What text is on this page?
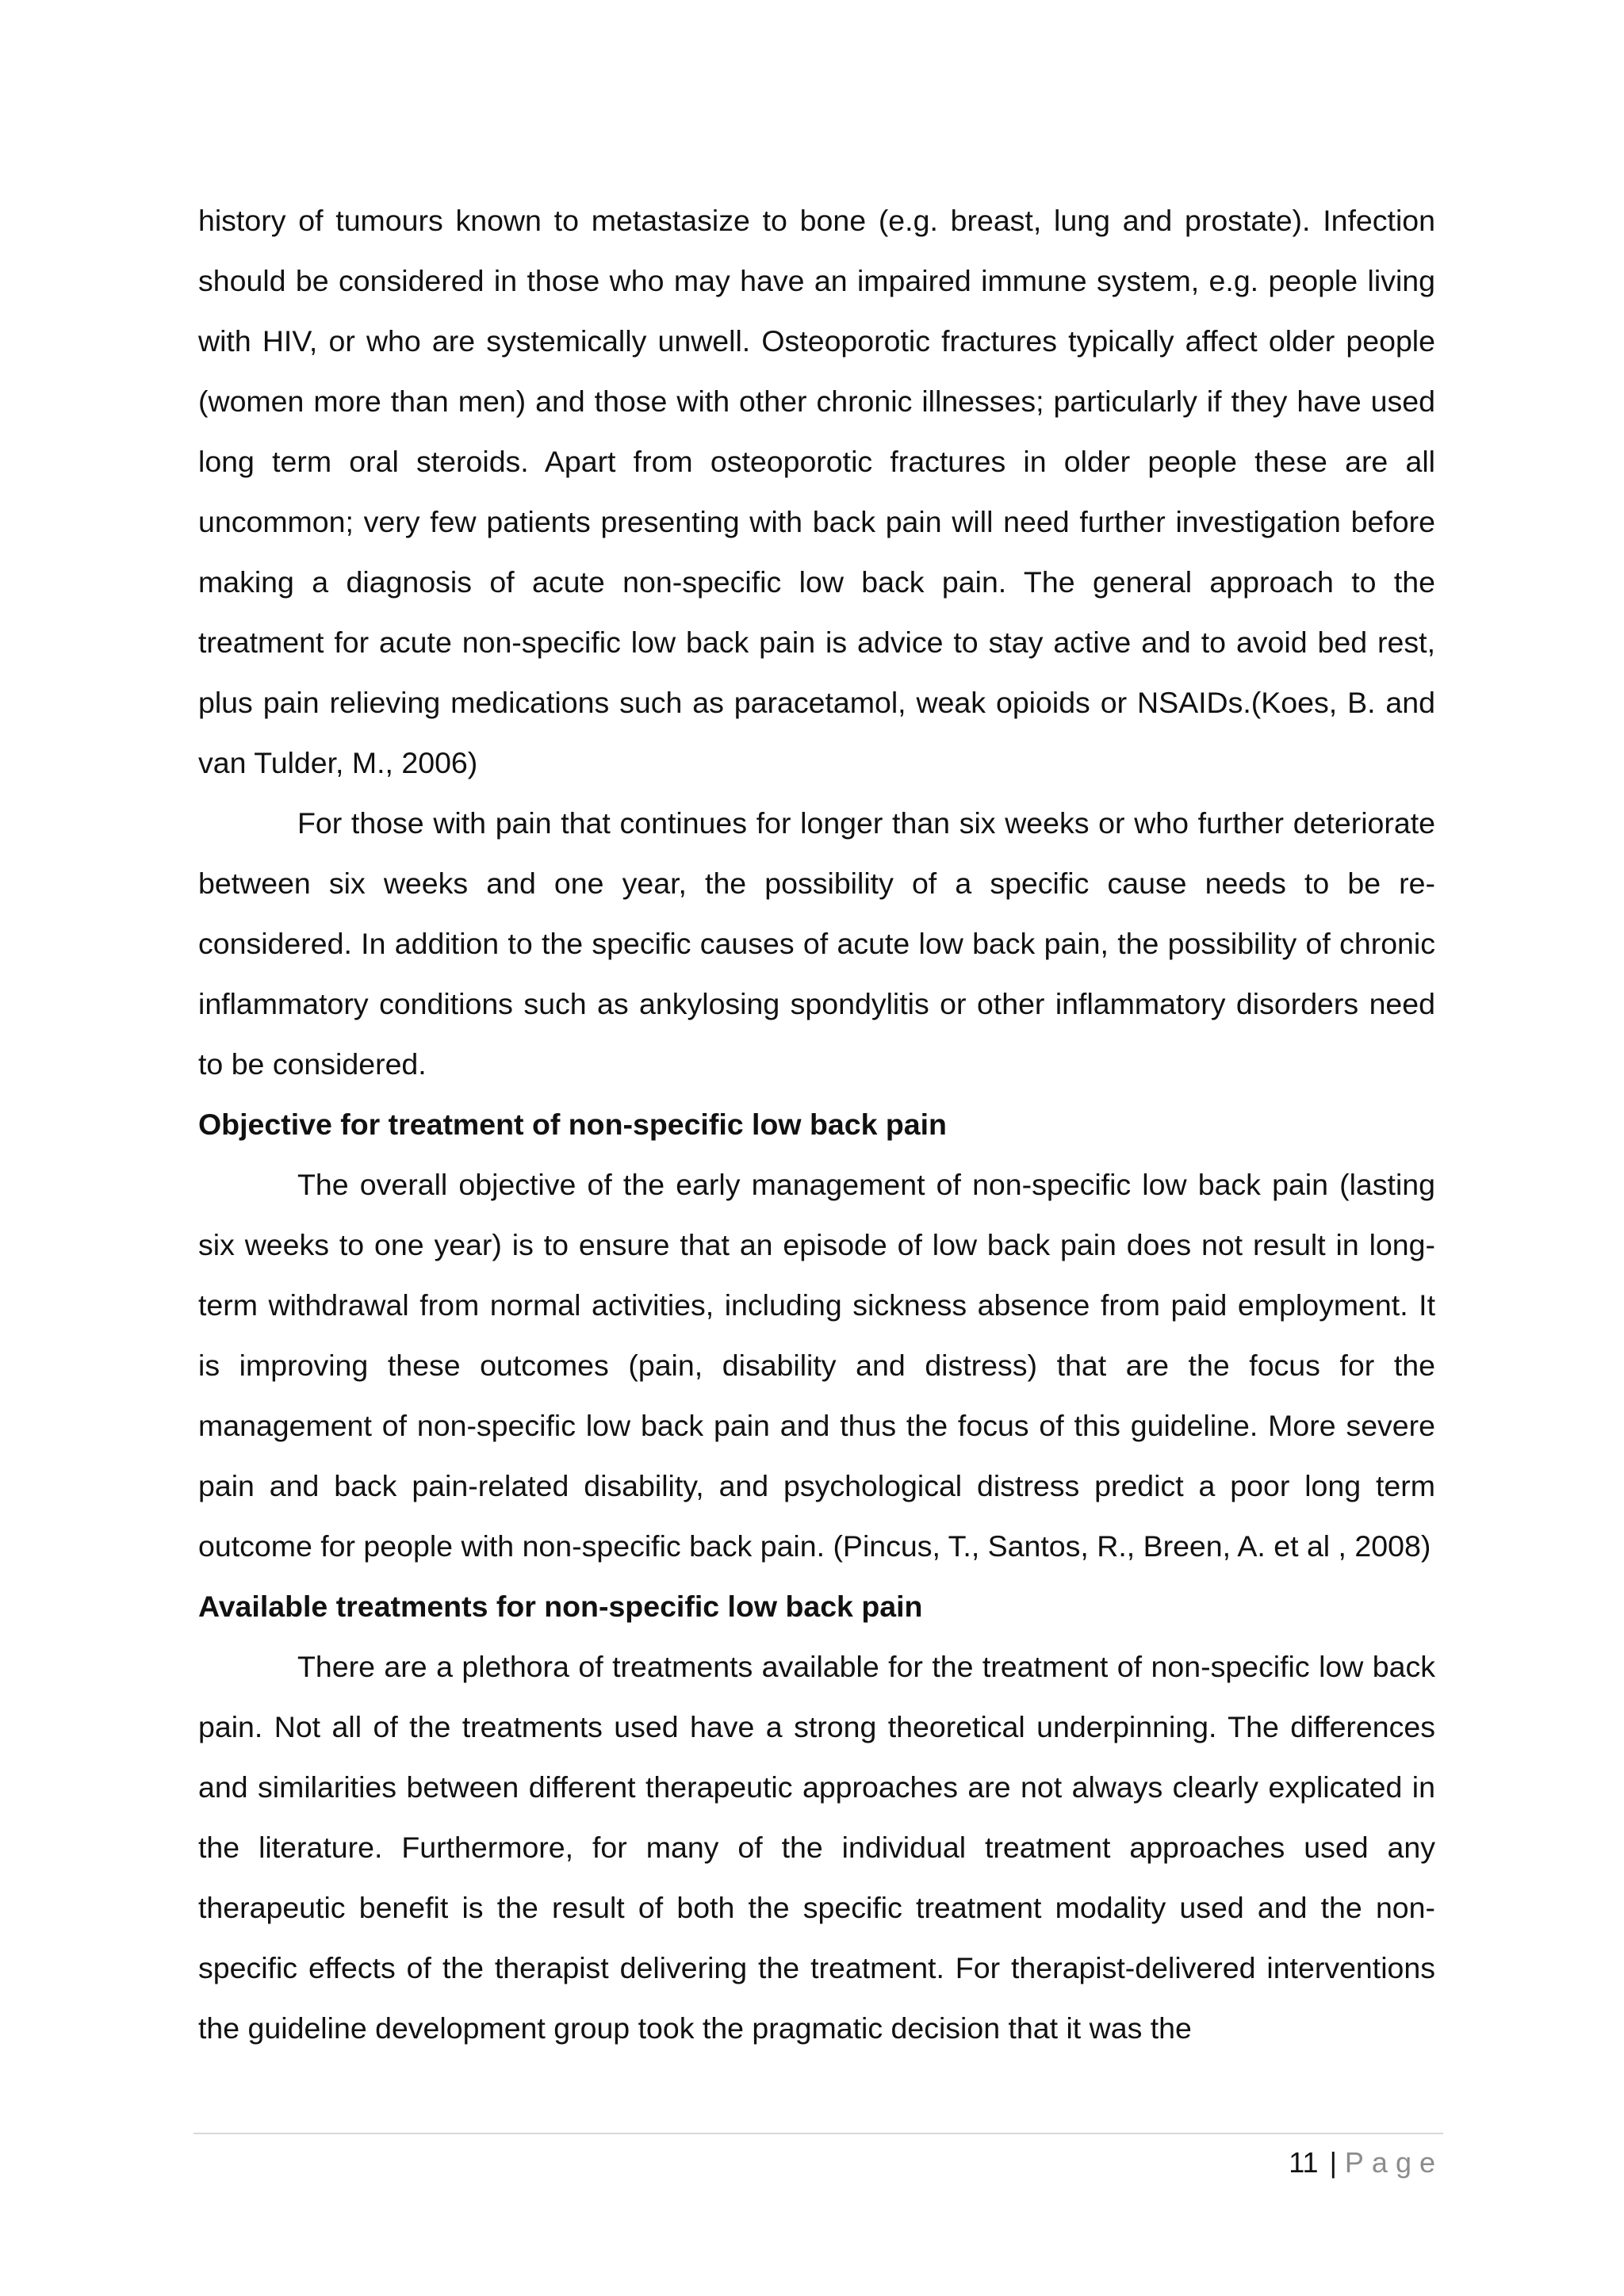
history of tumours known to metastasize to bone (e.g. breast, lung and prostate). Infection should be considered in those who may have an impaired immune system, e.g. people living with HIV, or who are systemically unwell. Osteoporotic fractures typically affect older people (women more than men) and those with other chronic illnesses; particularly if they have used long term oral steroids. Apart from osteoporotic fractures in older people these are all uncommon; very few patients presenting with back pain will need further investigation before making a diagnosis of acute non-specific low back pain. The general approach to the treatment for acute non-specific low back pain is advice to stay active and to avoid bed rest, plus pain relieving medications such as paracetamol, weak opioids or NSAIDs.(Koes, B. and van Tulder, M., 2006)

For those with pain that continues for longer than six weeks or who further deteriorate between six weeks and one year, the possibility of a specific cause needs to be re-considered. In addition to the specific causes of acute low back pain, the possibility of chronic inflammatory conditions such as ankylosing spondylitis or other inflammatory disorders need to be considered.

Objective for treatment of non-specific low back pain

The overall objective of the early management of non-specific low back pain (lasting six weeks to one year) is to ensure that an episode of low back pain does not result in long-term withdrawal from normal activities, including sickness absence from paid employment. It is improving these outcomes (pain, disability and distress) that are the focus for the management of non-specific low back pain and thus the focus of this guideline. More severe pain and back pain-related disability, and psychological distress predict a poor long term outcome for people with non-specific back pain. (Pincus, T., Santos, R., Breen, A. et al , 2008)

Available treatments for non-specific low back pain

There are a plethora of treatments available for the treatment of non-specific low back pain. Not all of the treatments used have a strong theoretical underpinning. The differences and similarities between different therapeutic approaches are not always clearly explicated in the literature. Furthermore, for many of the individual treatment approaches used any therapeutic benefit is the result of both the specific treatment modality used and the non-specific effects of the therapist delivering the treatment. For therapist-delivered interventions the guideline development group took the pragmatic decision that it was the

11 | Page
